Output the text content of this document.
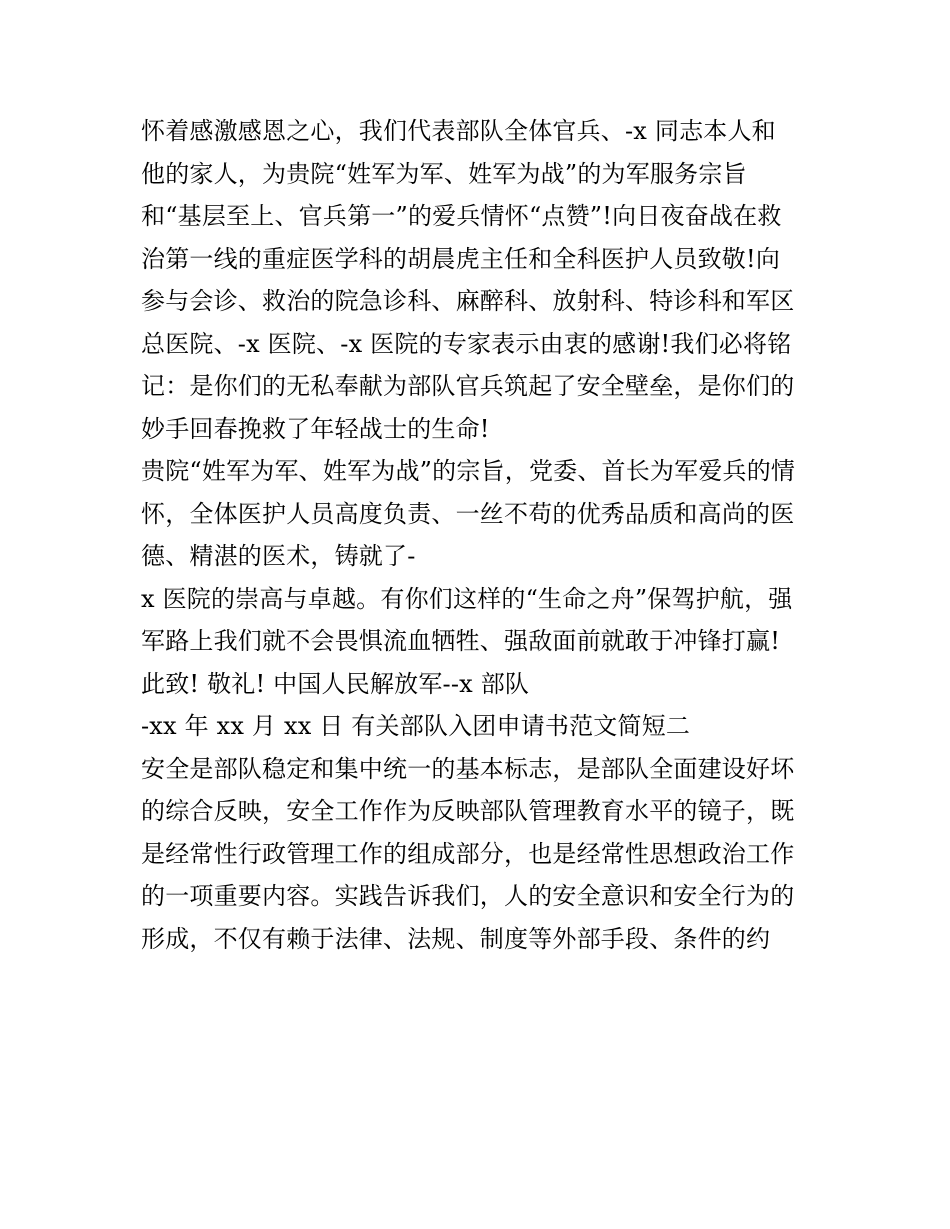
怀着感激感恩之心，我们代表部队全体官兵、-x 同志本人和
他的家人，为贵院“姓军为军、姓军为战”的为军服务宗旨
和“基层至上、官兵第一”的爱兵情怀“点赞”!向日夜奋战在救
治第一线的重症医学科的胡晨虎主任和全科医护人员致敬!向
参与会诊、救治的院急诊科、麻醉科、放射科、特诊科和军区
总医院、-x 医院、-x 医院的专家表示由衷的感谢!我们必将铭
记：是你们的无私奉献为部队官兵筑起了安全壁垒，是你们的
妙手回春挽救了年轻战士的生命!
贵院“姓军为军、姓军为战”的宗旨，党委、首长为军爱兵的情
怀，全体医护人员高度负责、一丝不苟的优秀品质和高尚的医
德、精湛的医术，铸就了-
x 医院的崇高与卓越。有你们这样的“生命之舟”保驾护航，强
军路上我们就不会畏惧流血牺牲、强敌面前就敢于冲锋打赢!
此致! 敬礼! 中国人民解放军--x 部队
-xx 年 xx 月 xx 日 有关部队入团申请书范文简短二
安全是部队稳定和集中统一的基本标志，是部队全面建设好坏
的综合反映，安全工作作为反映部队管理教育水平的镜子，既
是经常性行政管理工作的组成部分，也是经常性思想政治工作
的一项重要内容。实践告诉我们，人的安全意识和安全行为的
形成，不仅有赖于法律、法规、制度等外部手段、条件的约
